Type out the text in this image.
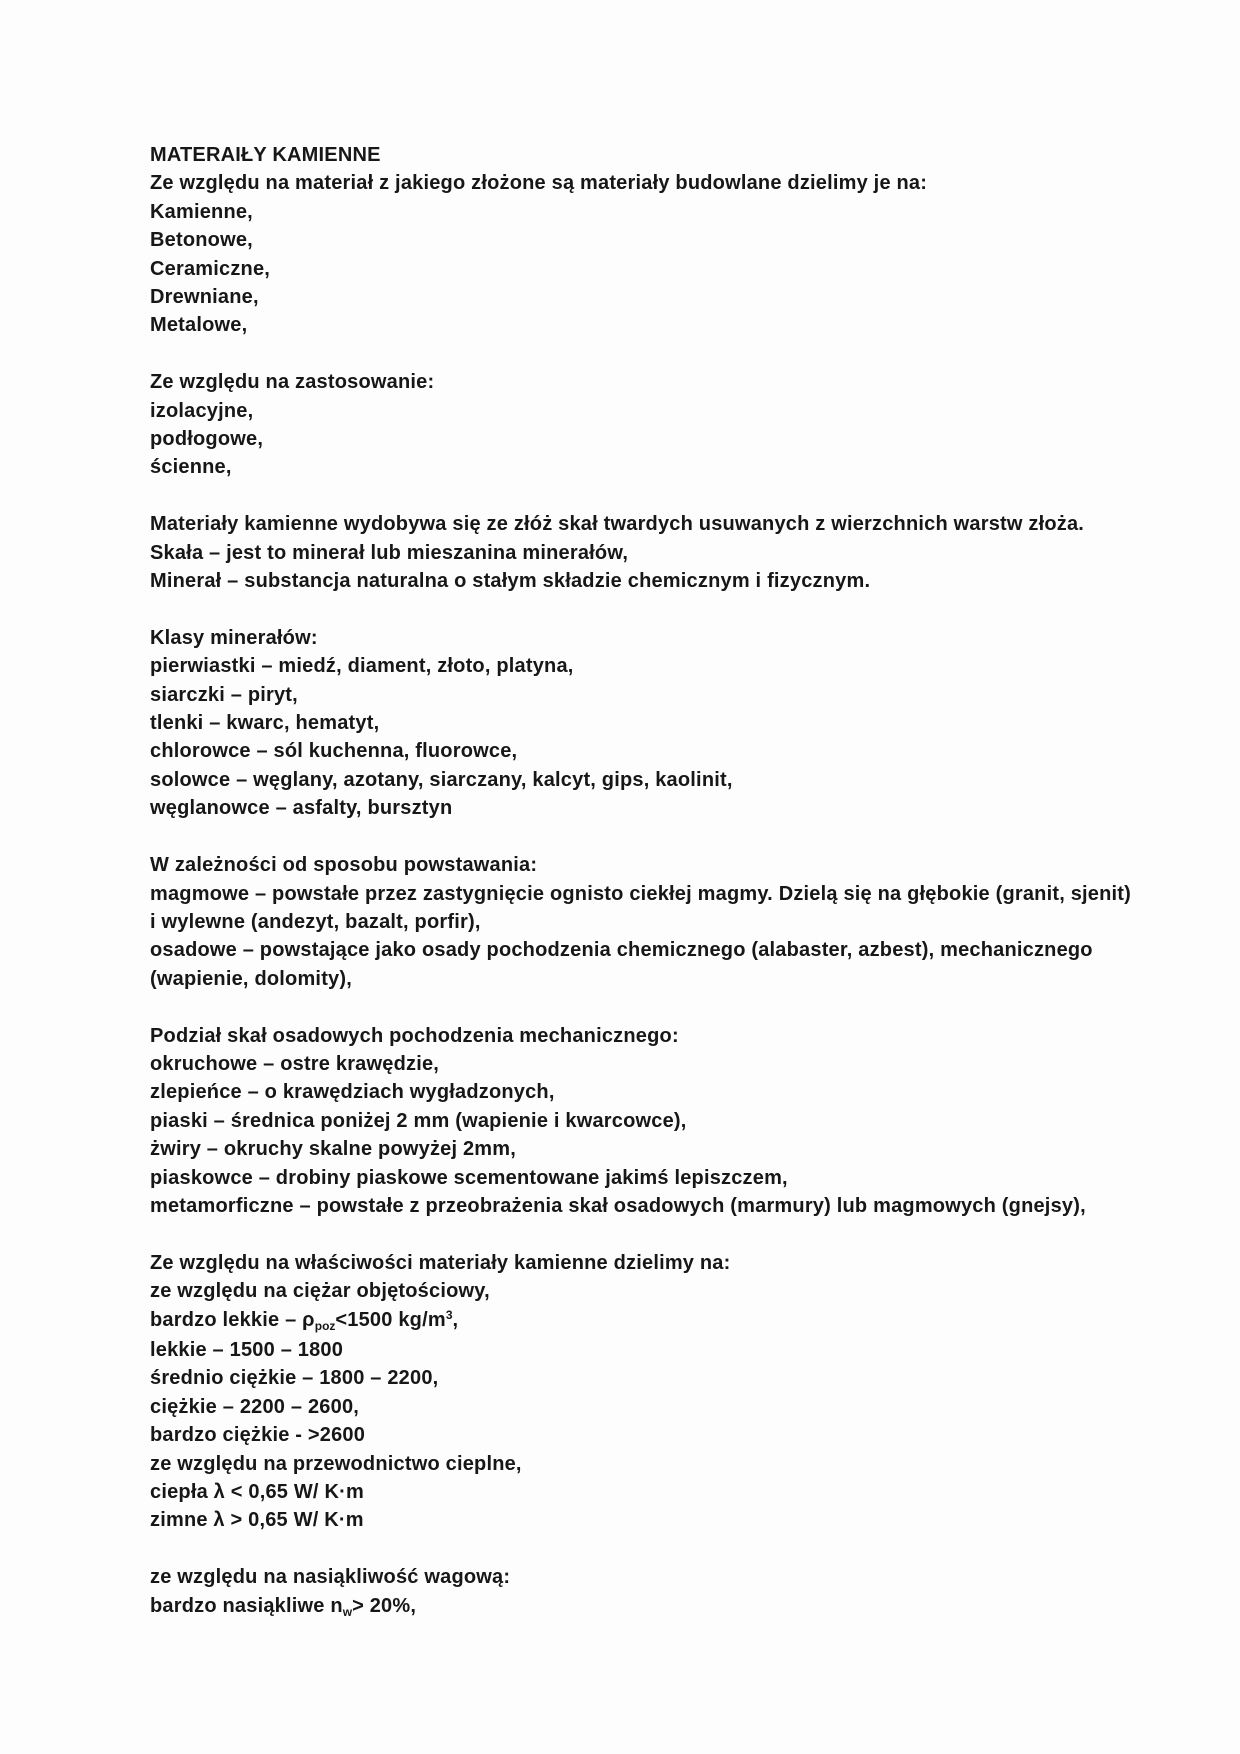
MATERAIŁY KAMIENNE
Ze względu na materiał z jakiego złożone są materiały budowlane dzielimy je na:
Kamienne,
Betonowe,
Ceramiczne,
Drewniane,
Metalowe,
Ze względu na zastosowanie:
izolacyjne,
podłogowe,
ścienne,
Materiały kamienne wydobywa się ze złóż skał twardych usuwanych z wierzchnich warstw złoża.
Skała – jest to minerał lub mieszanina minerałów,
Minerał – substancja naturalna o stałym składzie chemicznym i fizycznym.
Klasy minerałów:
pierwiastki – miedź, diament, złoto, platyna,
siarczki – piryt,
tlenki – kwarc, hematyt,
chlorowce – sól kuchenna, fluorowce,
solowce – węglany, azotany, siarczany, kalcyt, gips, kaolinit,
węglanowce – asfalty, bursztyn
W zależności od sposobu powstawania:
magmowe – powstałe przez zastygnięcie ognisto ciekłej magmy. Dzielą się na głębokie (granit, sjenit)
i wylewne (andezyt, bazalt, porfir),
osadowe – powstające jako osady pochodzenia chemicznego (alabaster, azbest), mechanicznego
(wapienie, dolomity),
Podział skał osadowych pochodzenia mechanicznego:
okruchowe – ostre krawędzie,
zlepieńce – o krawędziach wygładzonych,
piaski – średnica poniżej 2 mm (wapienie i kwarcowce),
żwiry – okruchy skalne powyżej 2mm,
piaskowce – drobiny piaskowe scementowane jakimś lepiszczem,
metamorficzne – powstałe z przeobrażenia skał osadowych (marmury) lub magmowych (gnejsy),
Ze względu na właściwości materiały kamienne dzielimy na:
ze względu na ciężar objętościowy,
bardzo lekkie – $\rho_{poz}<1500$ $kg/m^3$,
lekkie – 1500 – 1800
średnio ciężkie – 1800 – 2200,
ciężkie – 2200 – 2600,
bardzo ciężkie - >2600
ze względu na przewodnictwo cieplne,
ciepła λ < 0,65 W/ K·m
zimne λ > 0,65 W/ K·m
ze względu na nasiąkliwość wagową:
bardzo nasiąkliwe $n_w> 20\%$,
